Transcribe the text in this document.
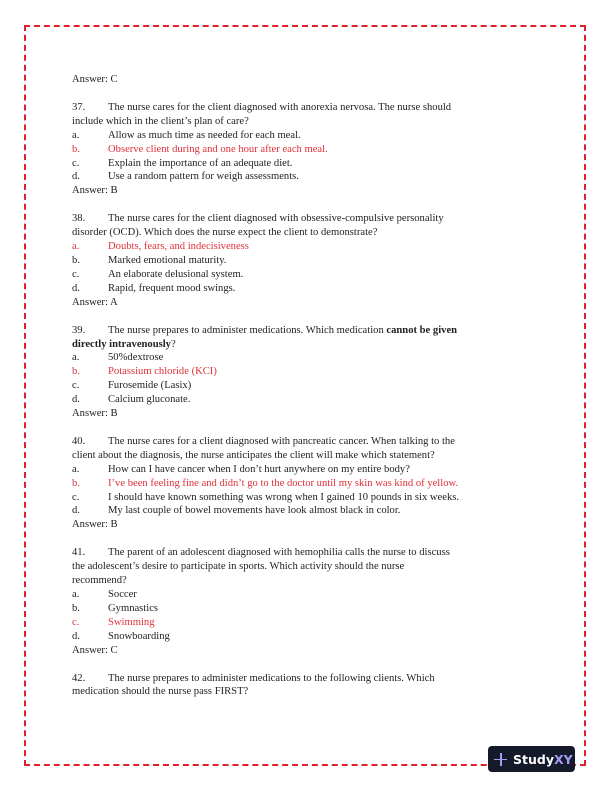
Answer: C
37. The nurse cares for the client diagnosed with anorexia nervosa. The nurse should
include which in the client’s plan of care?
a.	Allow as much time as needed for each meal.
b.	Observe client during and one hour after each meal.
c.	Explain the importance of an adequate diet.
d.	Use a random pattern for weigh assessments.
Answer: B
38. The nurse cares for the client diagnosed with obsessive-compulsive personality
disorder (OCD). Which does the nurse expect the client to demonstrate?
a.	Doubts, fears, and indecisiveness
b.	Marked emotional maturity.
c.	An elaborate delusional system.
d.	Rapid, frequent mood swings.
Answer: A
39. The nurse prepares to administer medications. Which medication cannot be given
directly intravenously?
a.	50%dextrose
b.	Potassium chloride (KCI)
c.	Furosemide (Lasix)
d.	Calcium gluconate.
Answer: B
40. The nurse cares for a client diagnosed with pancreatic cancer. When talking to the
client about the diagnosis, the nurse anticipates the client will make which statement?
a.	How can I have cancer when I don’t hurt anywhere on my entire body?
b.	I’ve been feeling fine and didn’t go to the doctor until my skin was kind of yellow.
c.	I should have known something was wrong when I gained 10 pounds in six weeks.
d.	My last couple of bowel movements have look almost black in color.
Answer: B
41. The parent of an adolescent diagnosed with hemophilia calls the nurse to discuss
the adolescent’s desire to participate in sports. Which activity should the nurse
recommend?
a.	Soccer
b.	Gymnastics
c.	Swimming
d.	Snowboarding
Answer: C
42. The nurse prepares to administer medications to the following clients. Which
medication should the nurse pass FIRST?
Study XY
